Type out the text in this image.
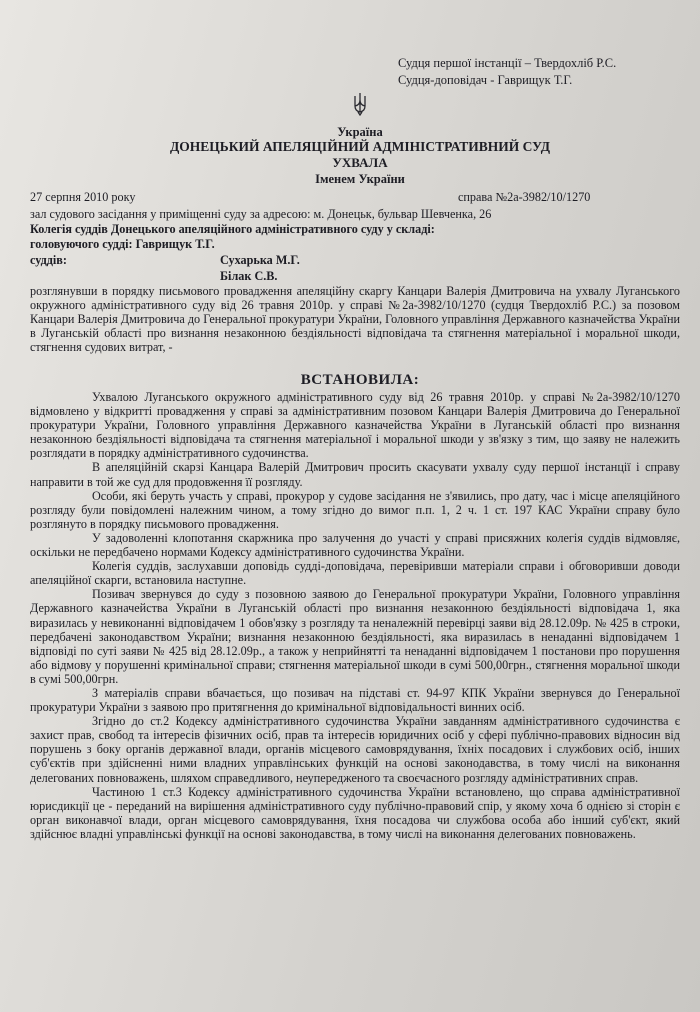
Судця першої інстанції – Твердохліб Р.С.
Судця-доповідач - Гаврищук Т.Г.
Україна
ДОНЕЦЬКИЙ АПЕЛЯЦІЙНИЙ АДМІНІСТРАТИВНИЙ СУД
УХВАЛА
Іменем України
27 серпня 2010 року	справа №2а-3982/10/1270
зал судового засідання у приміщенні суду за адресою: м. Донецьк, бульвар Шевченка, 26
Колегія суддів Донецького апеляційного адміністративного суду у складі:
головуючого судді: Гаврищук Т.Г.
суддів:	Сухарька М.Г.
Білак С.В.

розглянувши в порядку письмового провадження апеляційну скаргу Канцари Валерія Дмитровича на ухвалу Луганського окружного адміністративного суду від 26 травня 2010р. у справі №2а-3982/10/1270 (судця Твердохліб Р.С.) за позовом Канцари Валерія Дмитровича до Генеральної прокуратури України, Головного управління Державного казначейства України в Луганській області про визнання незаконною бездіяльності відповідача та стягнення матеріальної і моральної шкоди, стягнення судових витрат, -

ВСТАНОВИЛА:

Ухвалою Луганського окружного адміністративного суду від 26 травня 2010р. у справі №2а-3982/10/1270 відмовлено у відкритті провадження у справі за адміністративним позовом Канцари Валерія Дмитровича до Генеральної прокуратури України, Головного управління Державного казначейства України в Луганській області про визнання незаконною бездіяльності відповідача та стягнення матеріальної і моральної шкоди у зв'язку з тим, що заяву не належить розглядати в порядку адміністративного судочинства.

В апеляційній скарзі Канцара Валерій Дмитрович просить скасувати ухвалу суду першої інстанції і справу направити в той же суд для продовження її розгляду.

Особи, які беруть участь у справі, прокурор у судове засідання не з'явились, про дату, час і місце апеляційного розгляду були повідомлені належним чином, а тому згідно до вимог п.п. 1, 2 ч. 1 ст. 197 КАС України справу було розглянуто в порядку письмового провадження.

У задоволенні клопотання скаржника про залучення до участі у справі присяжних колегія суддів відмовляє, оскільки не передбачено нормами Кодексу адміністративного судочинства України.

Колегія суддів, заслухавши доповідь судді-доповідача, перевіривши матеріали справи і обговоривши доводи апеляційної скарги, встановила наступне.

Позивач звернувся до суду з позовною заявою до Генеральної прокуратури України, Головного управління Державного казначейства України в Луганській області про визнання незаконною бездіяльності відповідача 1, яка виразилась у невиконанні відповідачем 1 обов'язку з розгляду та неналежній перевірці заяви від 28.12.09р. № 425 в строки, передбачені законодавством України; визнання незаконною бездіяльності, яка виразилась в ненаданні відповідачем 1 відповіді по суті заяви № 425 від 28.12.09р., а також у неприйнятті та ненаданні відповідачем 1 постанови про порушення або відмову у порушенні кримінальної справи; стягнення матеріальної шкоди в сумі 500,00грн., стягнення моральної шкоди в сумі 500,00грн.

З матеріалів справи вбачається, що позивач на підставі ст. 94-97 КПК України звернувся до Генеральної прокуратури України з заявою про притягнення до кримінальної відповідальності винних осіб.

Згідно до ст.2 Кодексу адміністративного судочинства України завданням адміністративного судочинства є захист прав, свобод та інтересів фізичних осіб, прав та інтересів юридичних осіб у сфері публічно-правових відносин від порушень з боку органів державної влади, органів місцевого самоврядування, їхніх посадових і службових осіб, інших суб'єктів при здійсненні ними владних управлінських функцій на основі законодавства, в тому числі на виконання делегованих повноважень, шляхом справедливого, неупередженого та своєчасного розгляду адміністративних справ.

Частиною 1 ст.3 Кодексу адміністративного судочинства України встановлено, що справа адміністративної юрисдикції це - переданий на вирішення адміністративного суду публічно-правовий спір, у якому хоча б однією зі сторін є орган виконавчої влади, орган місцевого самоврядування, їхня посадова чи службова особа або інший суб'єкт, який здійснює владні управлінські функції на основі законодавства, в тому числі на виконання делегованих повноважень.
